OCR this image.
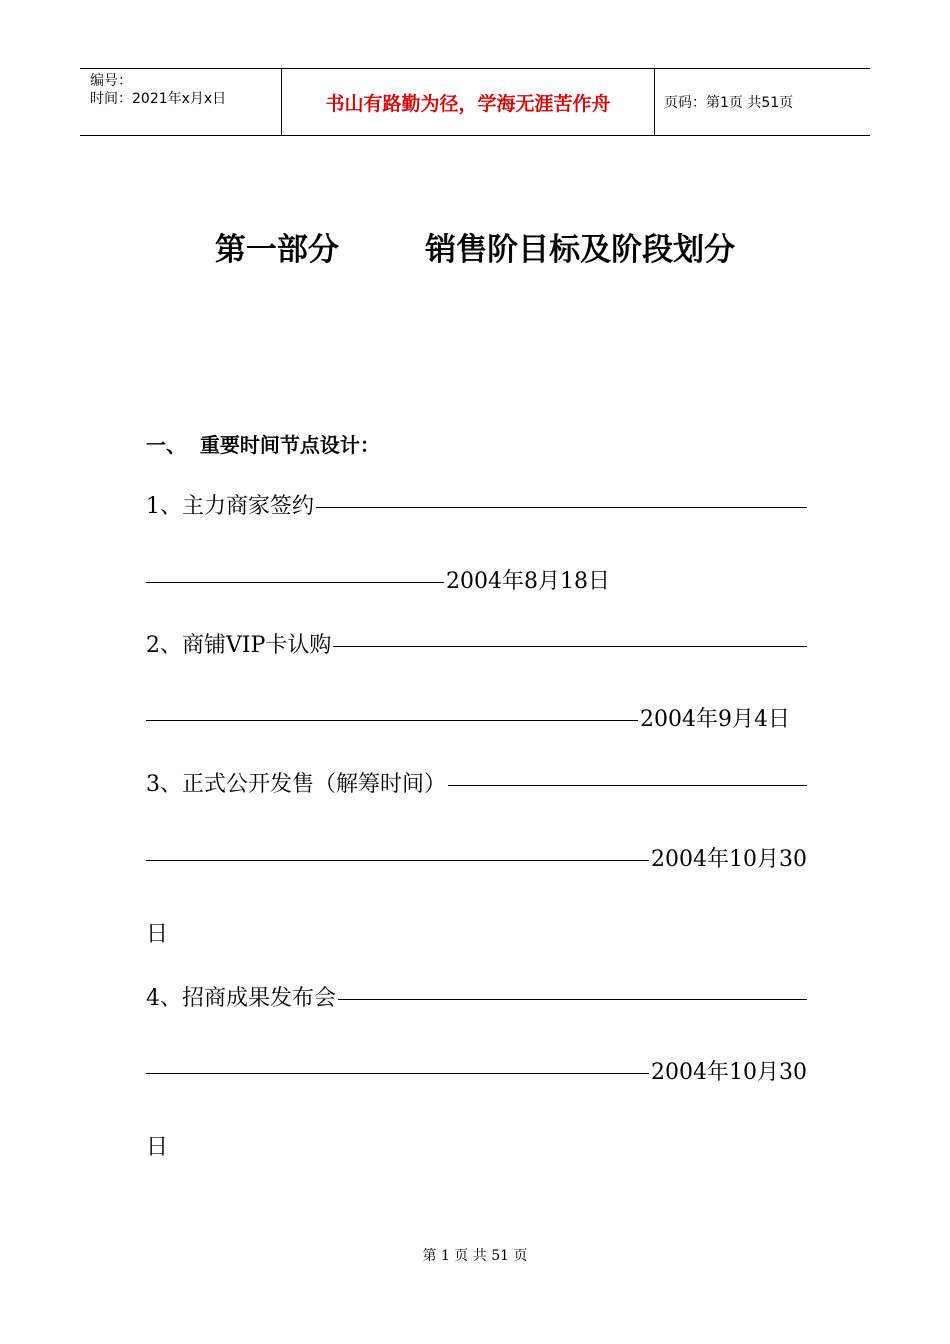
编号：
时间：2021年x月x日	书山有路勤为径，学海无涯苦作舟	页码：第1页 共51页
第一部分        销售阶目标及阶段划分
一、  重要时间节点设计：
1、主力商家签约
2004年8月18日
2、商铺VIP卡认购
2004年9月4日
3、正式公开发售（解筹时间）
2004年10月30
日
4、招商成果发布会
2004年10月30
日
第 1 页 共 51 页
